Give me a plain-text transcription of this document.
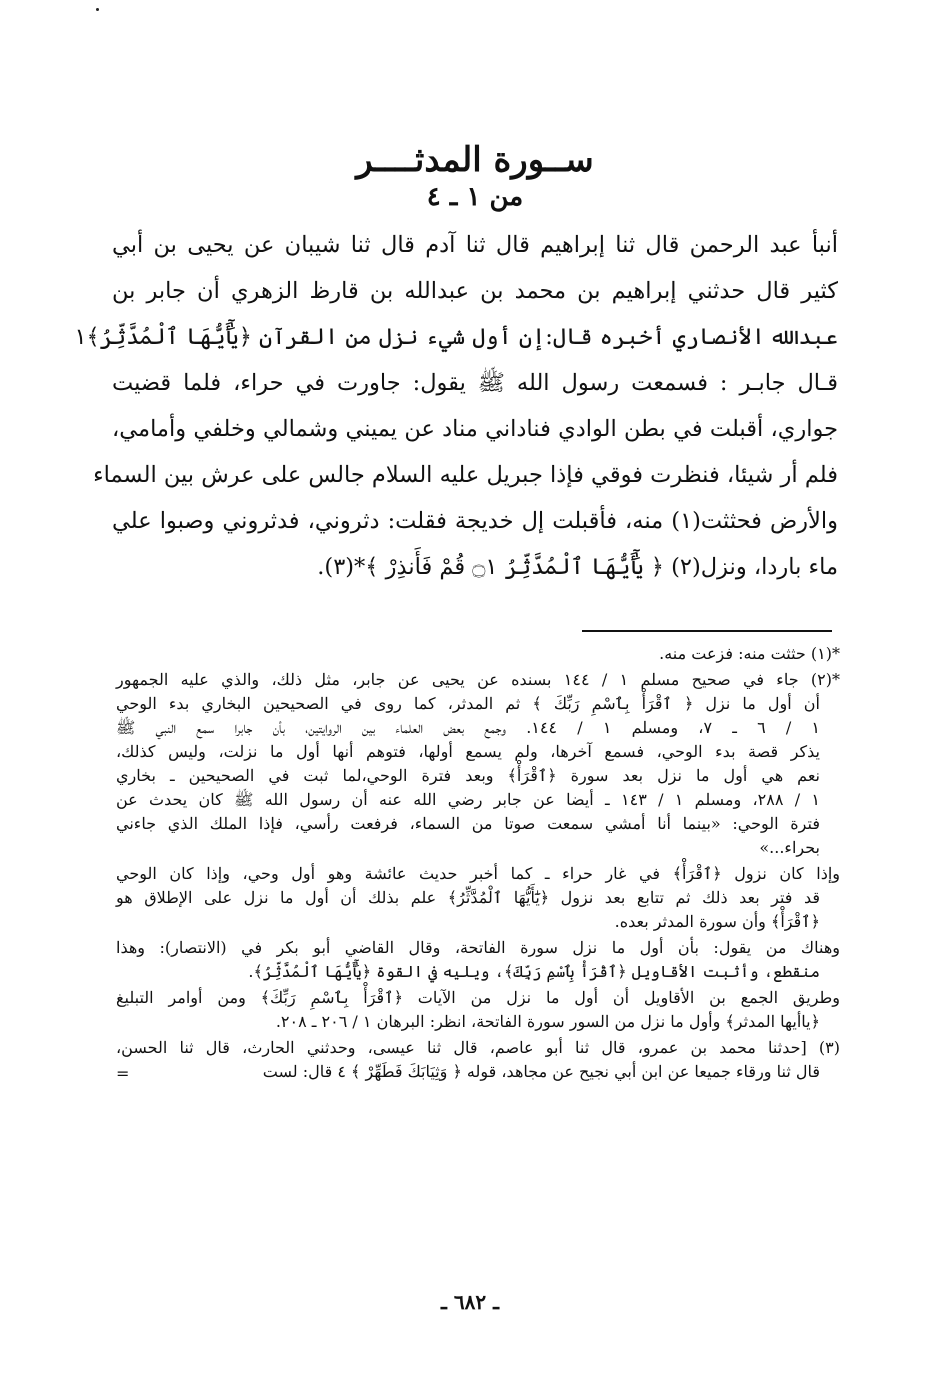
ســورة المدثــــر
من ١ ـ ٤
أنبأ عبد الرحمن قال ثنا إبراهيم قال ثنا آدم قال ثنا شيبان عن يحيى بن أبي
كثير قال حدثني إبراهيم بن محمد بن عبدالله بن قارظ الزهري أن جابر بن
عبدالله الأنصاري أخبره قال:إن أول شيء نزل من القرآن ﴿يَٰٓأَيُّهَا ٱلْمُدَّثِّرُ﴾١
قـال جابـر : فسمعت رسول الله ﷺ يقول: جاورت في حراء، فلما قضيت
جواري، أقبلت في بطن الوادي فناداني مناد عن يميني وشمالي وخلفي وأمامي،
فلم أر شيئا، فنظرت فوقي فإذا جبريل عليه السلام جالس على عرش بين السماء
والأرض فحثثت(١) منه، فأقبلت إل خديجة فقلت: دثروني، فدثروني وصبوا علي
ماء باردا، ونزل(٢) ﴿ يَٰٓأَيُّهَا ٱلْمُدَّثِّرُ ۝١ قُمْ فَأَنذِرْ ﴾*(٣).
*(١) حثثت منه: فزعت منه.
*(٢) جاء في صحيح مسلم ١ / ١٤٤ بسنده عن يحيى عن جابر، مثل ذلك، والذي عليه الجمهور
أن أول ما نزل ﴿ ٱقْرَأْ بِٱسْمِ رَبِّكَ ﴾ ثم المدثر، كما روى في الصحيحين البخاري بدء الوحي
١ / ٦ ـ ٧، ومسلم ١ / ١٤٤. وجمع بعض العلماء بين الروايتين، بأن جابرا سمع النبي ﷺ
يذكر قصة بدء الوحي، فسمع آخرها، ولم يسمع أولها، فتوهم أنها أول ما نزلت، وليس كذلك،
نعم هي أول ما نزل بعد سورة ﴿ٱقْرَأْ﴾ وبعد فترة الوحي،لما ثبت في الصحيحين ـ بخاري
١ / ٢٨٨، ومسلم ١ / ١٤٣ ـ أيضا عن جابر رضي الله عنه أن رسول الله ﷺ كان يحدث عن
فترة الوحي: «بينما أنا أمشي سمعت صوتا من السماء، فرفعت رأسي، فإذا الملك الذي جاءني
بحراء...»
وإذا كان نزول ﴿ٱقْرَأْ﴾ في غار حراء ـ كما أخبر حديث عائشة وهو أول وحي، وإذا كان الوحي
قد فتر بعد ذلك ثم تتابع بعد نزول ﴿يَٰٓأَيُّهَا ٱلْمُدَّثِّرُ﴾ علم بذلك أن أول ما نزل على الإطلاق هو
﴿ٱقْرَأْ﴾ وأن سورة المدثر بعده.
وهناك من يقول: بأن أول ما نزل سورة الفاتحة، وقال القاضي أبو بكر في (الانتصار): وهذا
منقطع، وأثبت الأقاويل ﴿ٱقْرَأْ بِٱسْمِ رَبِّكَ﴾، ويليه في القوة ﴿يَٰٓأَيُّهَا ٱلْمُدَّثِّرُ﴾.
وطريق الجمع بن الأقاويل أن أول ما نزل من الآيات ﴿ٱقْرَأْ بِٱسْمِ رَبِّكَ﴾ ومن أوامر التبليغ
﴿ياأيها المدثر﴾ وأول ما نزل من السور سورة الفاتحة، انظر: البرهان ١ / ٢٠٦ ـ ٢٠٨.
(٣) [حدثنا محمد بن عمرو، قال ثنا أبو عاصم، قال ثنا عيسى، وحدثني الحارث، قال ثنا الحسن،
قال ثنا ورقاء جميعا عن ابن أبي نجيح عن مجاهد، قوله ﴿ وَثِيَابَكَ فَطَهِّرْ ﴾ ٤ قال: لست
=
ـ ٦٨٢ ـ
